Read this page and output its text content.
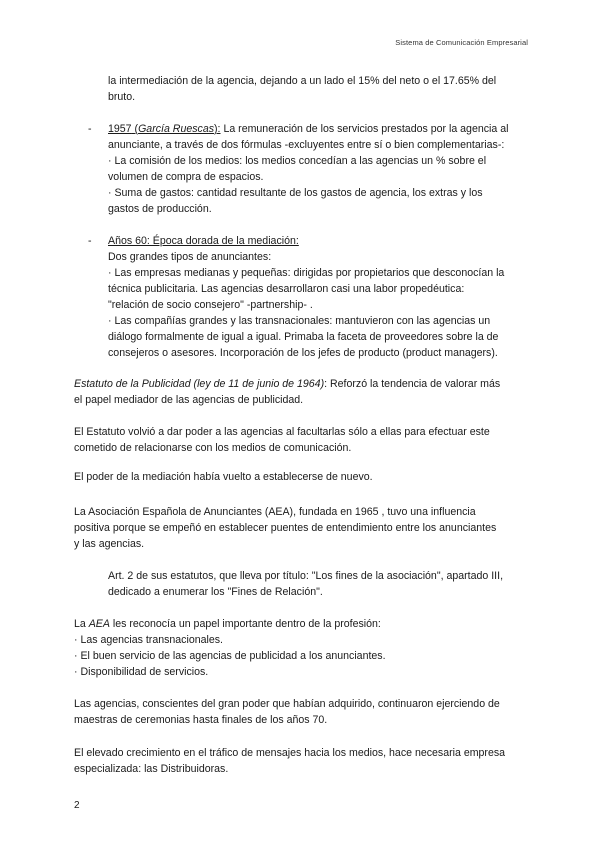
Sistema de Comunicación Empresarial
la intermediación de la agencia, dejando a un lado el 15% del neto o el 17.65% del
bruto.
- 1957 (García Ruescas): La remuneración de los servicios prestados por la agencia al
anunciante, a través de dos fórmulas -excluyentes entre sí o bien complementarias-:
· La comisión de los medios: los medios concedían a las agencias un % sobre el
volumen de compra de espacios.
· Suma de gastos: cantidad resultante de los gastos de agencia, los extras y los
gastos de producción.
- Años 60: Época dorada de la mediación:
Dos grandes tipos de anunciantes:
· Las empresas medianas y pequeñas: dirigidas por propietarios que desconocían la
técnica publicitaria. Las agencias desarrollaron casi una labor propedéutica:
"relación de socio consejero" -partnership- .
· Las compañías grandes y las transnacionales: mantuvieron con las agencias un
diálogo formalmente de igual a igual. Primaba la faceta de proveedores sobre la de
consejeros o asesores. Incorporación de los jefes de producto (product managers).
Estatuto de la Publicidad (ley de 11 de junio de 1964): Reforzó la tendencia de valorar más
el papel mediador de las agencias de publicidad.
El Estatuto volvió a dar poder a las agencias al facultarlas sólo a ellas para efectuar este
cometido de relacionarse con los medios de comunicación.
El poder de la mediación había vuelto a establecerse de nuevo.
La Asociación Española de Anunciantes (AEA), fundada en 1965 , tuvo una influencia
positiva porque se empeñó en establecer puentes de entendimiento entre los anunciantes
y las agencias.
Art. 2 de sus estatutos, que lleva por título: "Los fines de la asociación", apartado III,
dedicado a enumerar los "Fines de Relación".
La AEA les reconocía un papel importante dentro de la profesión:
· Las agencias transnacionales.
· El buen servicio de las agencias de publicidad a los anunciantes.
· Disponibilidad de servicios.
Las agencias, conscientes del gran poder que habían adquirido, continuaron ejerciendo de
maestras de ceremonias hasta finales de los años 70.
El elevado crecimiento en el tráfico de mensajes hacia los medios, hace necesaria empresa
especializada: las Distribuidoras.
2
